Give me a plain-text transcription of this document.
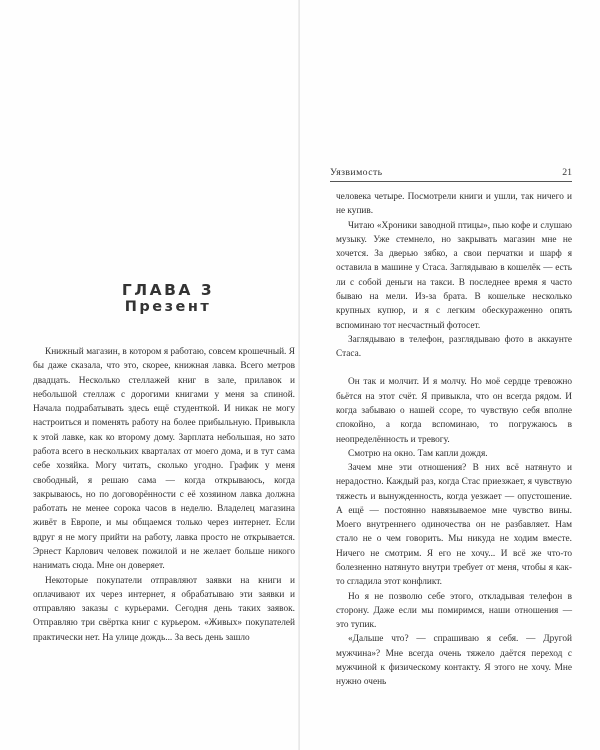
ГЛАВА 3
Презент

Книжный магазин, в котором я работаю, совсем крошечный. Я бы даже сказала, что это, скорее, книжная лавка. Всего метров двадцать. Несколько стеллажей книг в зале, прилавок и небольшой стеллаж с дорогими книгами у меня за спиной. Начала подрабатывать здесь ещё студенткой. И никак не могу настроиться и поменять работу на более прибыльную. Привыкла к этой лавке, как ко второму дому. Зарплата небольшая, но зато работа всего в нескольких кварталах от моего дома, и в тут сама себе хозяйка. Могу читать, сколько угодно. График у меня свободный, я решаю сама — когда открываюсь, когда закрываюсь, но по договорённости с её хозяином лавка должна работать не менее сорока часов в неделю. Владелец магазина живёт в Европе, и мы общаемся только через интернет. Если вдруг я не могу прийти на работу, лавка просто не открывается. Эрнест Карлович человек пожилой и не желает больше никого нанимать сюда. Мне он доверяет.

Некоторые покупатели отправляют заявки на книги и оплачивают их через интернет, я обрабатываю эти заявки и отправляю заказы с курьерами. Сегодня день таких заявок. Отправляю три свёртка книг с курьером. «Живых» покупателей практически нет. На улице дождь... За весь день зашло

Уязвимость	21

человека четыре. Посмотрели книги и ушли, так ничего и не купив.

Читаю «Хроники заводной птицы», пью кофе и слушаю музыку. Уже стемнело, но закрывать магазин мне не хочется. За дверью зябко, а свои перчатки и шарф я оставила в машине у Стаса. Заглядываю в кошелёк — есть ли с собой деньги на такси. В последнее время я часто бываю на мели. Из-за брата. В кошельке несколько крупных купюр, и я с легким обескураженно опять вспоминаю тот несчастный фотосет.

Заглядываю в телефон, разглядываю фото в аккаунте Стаса.

Он так и молчит. И я молчу. Но моё сердце тревожно бьётся на этот счёт. Я привыкла, что он всегда рядом. И когда забываю о нашей ссоре, то чувствую себя вполне спокойно, а когда вспоминаю, то погружаюсь в неопределённость и тревогу.

Смотрю на окно. Там капли дождя.

Зачем мне эти отношения? В них всё натянуто и нерадостно. Каждый раз, когда Стас приезжает, я чувствую тяжесть и вынужденность, когда уезжает — опустошение. А ещё — постоянно навязываемое мне чувство вины. Моего внутреннего одиночества он не разбавляет. Нам стало не о чем говорить. Мы никуда не ходим вместе. Ничего не смотрим. Я его не хочу... И всё же что-то болезненно натянуто внутри требует от меня, чтобы я как-то сгладила этот конфликт.

Но я не позволю себе этого, откладывая телефон в сторону. Даже если мы помиримся, наши отношения — это тупик.

«Дальше что? — спрашиваю я себя. — Другой мужчина»? Мне всегда очень тяжело даётся переход с мужчиной к физическому контакту. Я этого не хочу. Мне нужно очень
